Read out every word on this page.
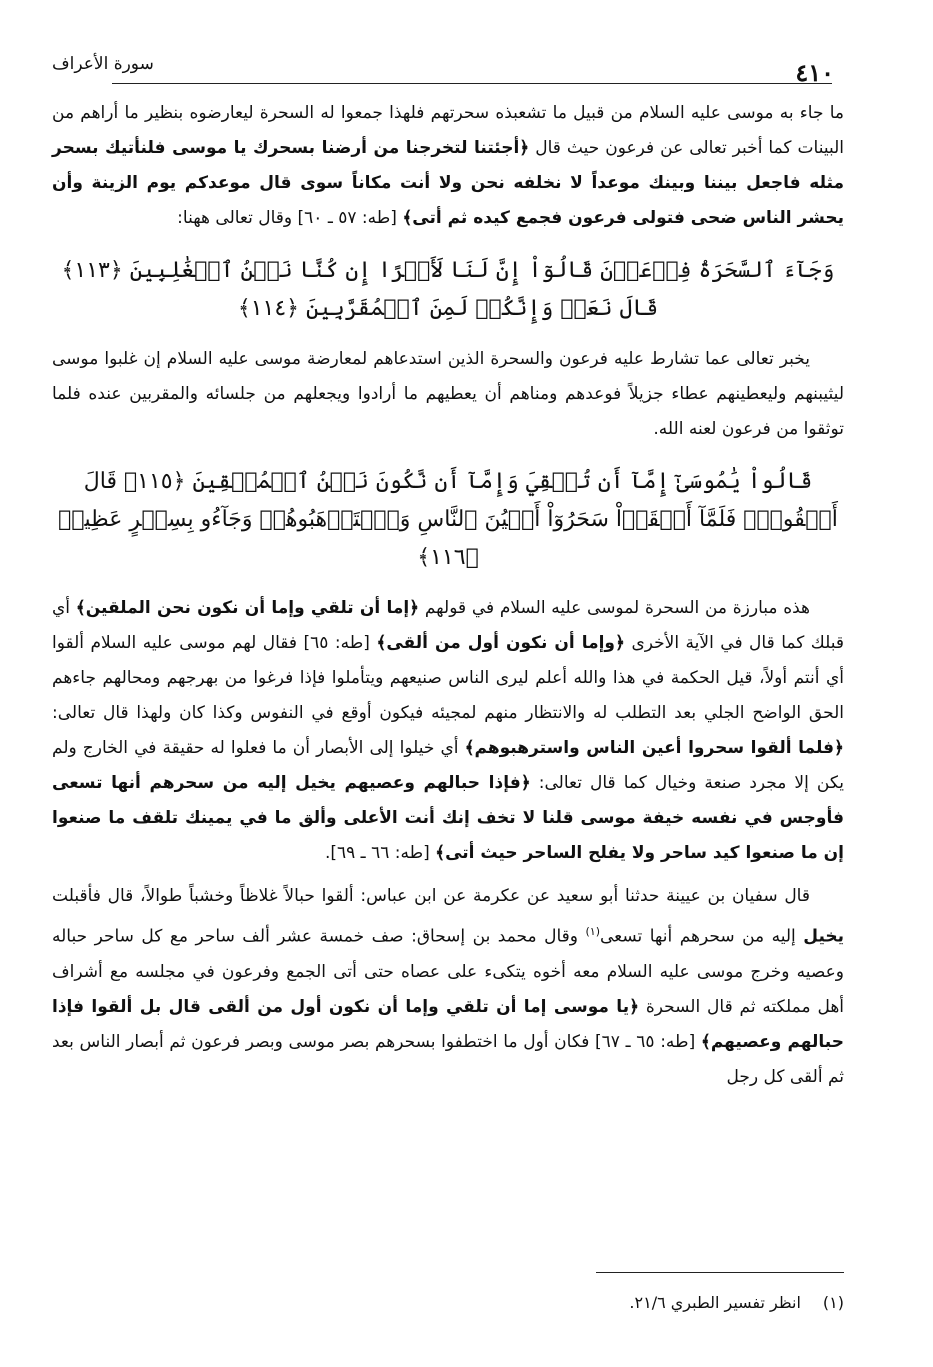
٤١٠
سورة الأعراف

ما جاء به موسى عليه السلام من قبيل ما تشعبذه سحرتهم فلهذا جمعوا له السحرة ليعارضوه بنظير ما أراهم من البينات كما أخبر تعالى عن فرعون حيث قال ﴿أجئتنا لتخرجنا من أرضنا بسحرك يا موسى فلنأتيك بسحر مثله فاجعل بيننا وبينك موعداً لا نخلفه نحن ولا أنت مكاناً سوى قال موعدكم يوم الزينة وأن يحشر الناس ضحى فتولى فرعون فجمع كيده ثم أتى﴾ [طه: ٥٧ ـ ٦٠] وقال تعالى ههنا:

وَجَآءَ ٱلسَّحَرَةُ فِرۡعَوۡنَ قَالُوٓاْ إِنَّ لَنَا لَأَجۡرًا إِن كُنَّا نَحۡنُ ٱلۡغَٰلِبِينَ ﴿١١٣﴾ قَالَ نَعَمۡ وَإِنَّكُمۡ لَمِنَ ٱلۡمُقَرَّبِينَ ﴿١١٤﴾

يخبر تعالى عما تشارط عليه فرعون والسحرة الذين استدعاهم لمعارضة موسى عليه السلام إن غلبوا موسى ليثيبنهم وليعطينهم عطاء جزيلاً فوعدهم ومناهم أن يعطيهم ما أرادوا ويجعلهم من جلسائه والمقربين عنده فلما توثقوا من فرعون لعنه الله.

قَالُواْ يَٰمُوسَىٰٓ إِمَّآ أَن تُلۡقِيَ وَإِمَّآ أَن نَّكُونَ نَحۡنُ ٱلۡمُلۡقِينَ ﴿١١٥﴾ قَالَ أَلۡقُواْۖ فَلَمَّآ أَلۡقَوۡاْ سَحَرُوٓاْ أَعۡيُنَ ٱلنَّاسِ وَٱسۡتَرۡهَبُوهُمۡ وَجَآءُو بِسِحۡرٍ عَظِيمٖ ﴿١١٦﴾

هذه مبارزة من السحرة لموسى عليه السلام في قولهم ﴿إما أن تلقي وإما أن نكون نحن الملقين﴾ أي قبلك كما قال في الآية الأخرى ﴿وإما أن نكون أول من ألقى﴾ [طه: ٦٥] فقال لهم موسى عليه السلام ألقوا أي أنتم أولاً، قيل الحكمة في هذا والله أعلم ليرى الناس صنيعهم ويتأملوا فإذا فرغوا من بهرجهم ومحالهم جاءهم الحق الواضح الجلي بعد التطلب له والانتظار منهم لمجيئه فيكون أوقع في النفوس وكذا كان ولهذا قال تعالى: ﴿فلما ألقوا سحروا أعين الناس واسترهبوهم﴾ أي خيلوا إلى الأبصار أن ما فعلوا له حقيقة في الخارج ولم يكن إلا مجرد صنعة وخيال كما قال تعالى: ﴿فإذا حبالهم وعصيهم يخيل إليه من سحرهم أنها تسعى فأوجس في نفسه خيفة موسى قلنا لا تخف إنك أنت الأعلى وألق ما في يمينك تلقف ما صنعوا إن ما صنعوا كيد ساحر ولا يفلح الساحر حيث أتى﴾ [طه: ٦٦ ـ ٦٩].

قال سفيان بن عيينة حدثنا أبو سعيد عن عكرمة عن ابن عباس: ألقوا حبالاً غلاظاً وخشباً طوالاً، قال فأقبلت يخيل إليه من سحرهم أنها تسعى$^{(١)}$ وقال محمد بن إسحاق: صف خمسة عشر ألف ساحر مع كل ساحر حباله وعصيه وخرج موسى عليه السلام معه أخوه يتكىء على عصاه حتى أتى الجمع وفرعون في مجلسه مع أشراف أهل مملكته ثم قال السحرة ﴿يا موسى إما أن تلقي وإما أن نكون أول من ألقى قال بل ألقوا فإذا حبالهم وعصيهم﴾ [طه: ٦٥ ـ ٦٧] فكان أول ما اختطفوا بسحرهم بصر موسى وبصر فرعون ثم أبصار الناس بعد ثم ألقى كل رجل

(١)انظر تفسير الطبري ٢١/٦.
